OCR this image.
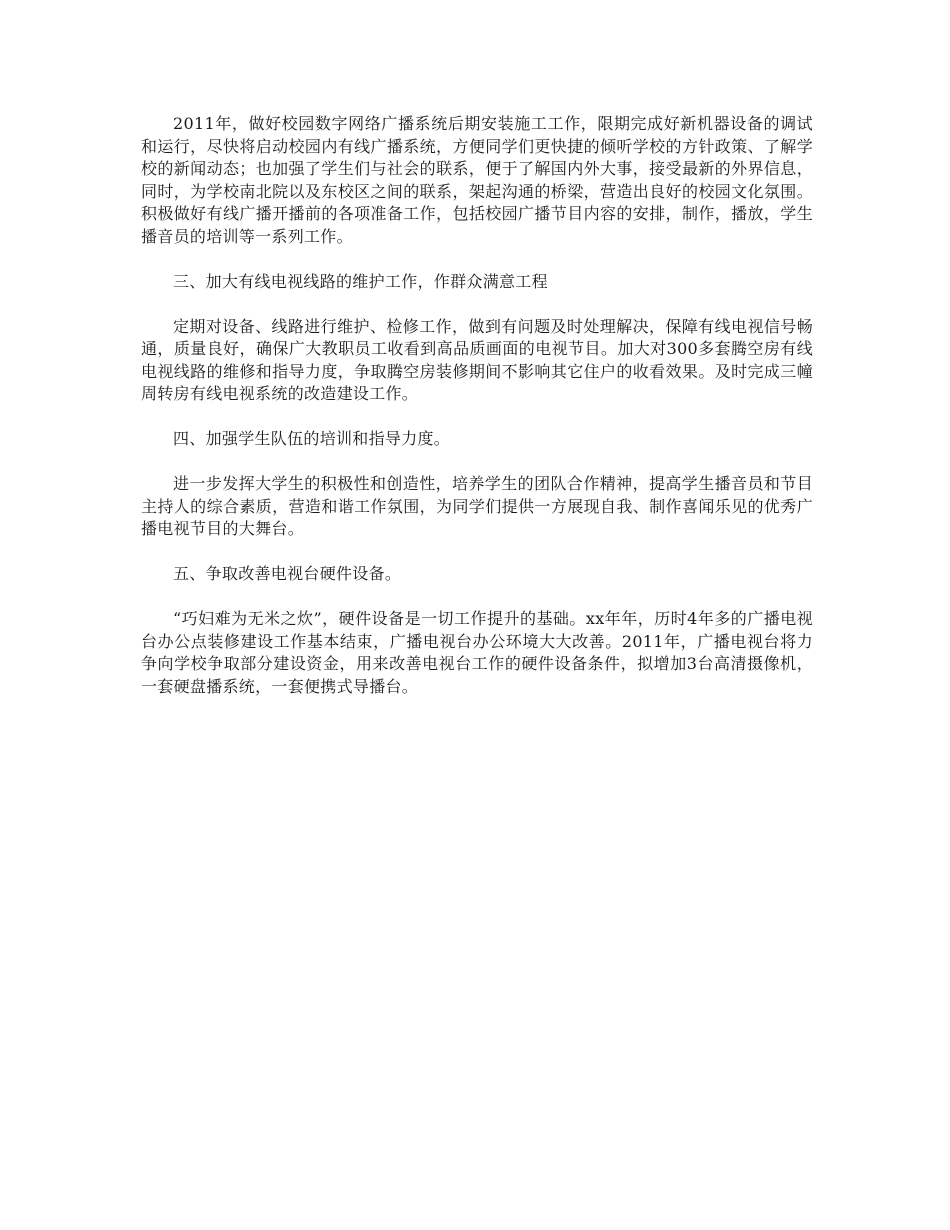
2011年，做好校园数字网络广播系统后期安装施工工作，限期完成好新机器设备的调试和运行，尽快将启动校园内有线广播系统，方便同学们更快捷的倾听学校的方针政策、了解学校的新闻动态；也加强了学生们与社会的联系，便于了解国内外大事，接受最新的外界信息，同时，为学校南北院以及东校区之间的联系，架起沟通的桥梁，营造出良好的校园文化氛围。积极做好有线广播开播前的各项准备工作，包括校园广播节目内容的安排，制作，播放，学生播音员的培训等一系列工作。

三、加大有线电视线路的维护工作，作群众满意工程

定期对设备、线路进行维护、检修工作，做到有问题及时处理解决，保障有线电视信号畅通，质量良好，确保广大教职员工收看到高品质画面的电视节目。加大对300多套腾空房有线电视线路的维修和指导力度，争取腾空房装修期间不影响其它住户的收看效果。及时完成三幢周转房有线电视系统的改造建设工作。

四、加强学生队伍的培训和指导力度。

进一步发挥大学生的积极性和创造性，培养学生的团队合作精神，提高学生播音员和节目主持人的综合素质，营造和谐工作氛围，为同学们提供一方展现自我、制作喜闻乐见的优秀广播电视节目的大舞台。

五、争取改善电视台硬件设备。

“巧妇难为无米之炊”，硬件设备是一切工作提升的基础。xx年年，历时4年多的广播电视台办公点装修建设工作基本结束，广播电视台办公环境大大改善。2011年，广播电视台将力争向学校争取部分建设资金，用来改善电视台工作的硬件设备条件，拟增加3台高清摄像机，一套硬盘播系统，一套便携式导播台。
